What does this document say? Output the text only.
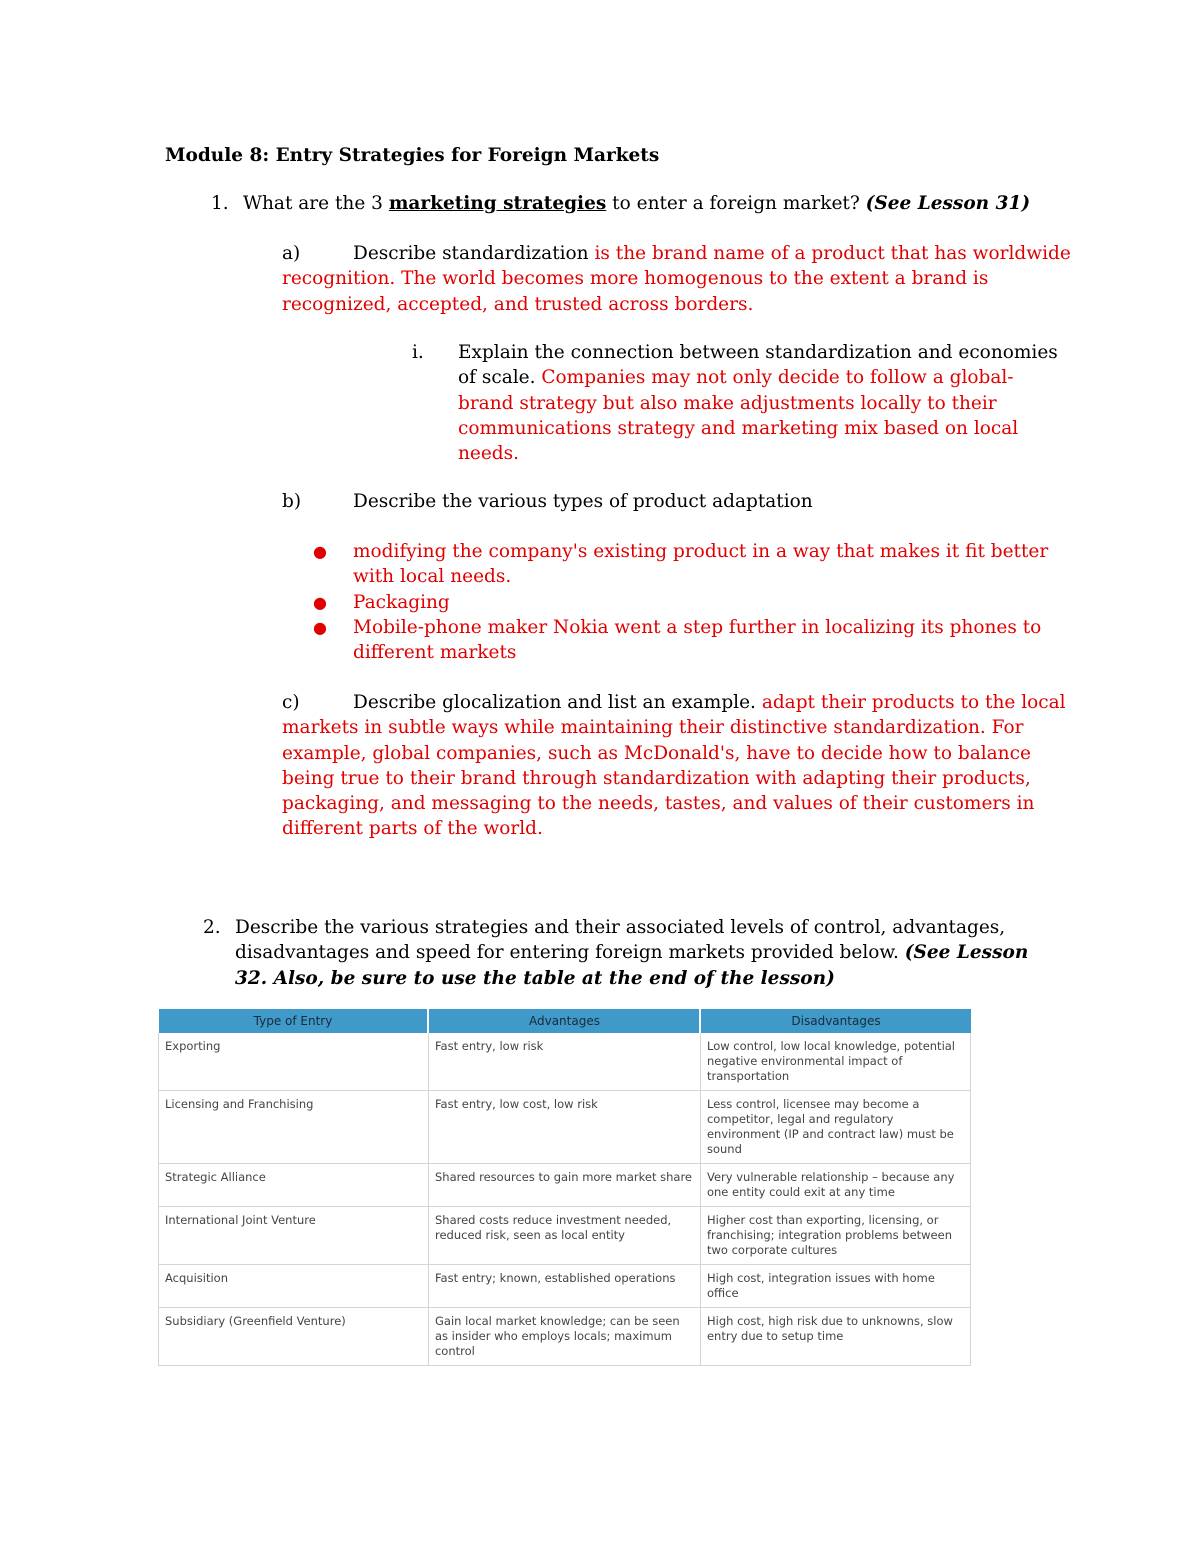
Module 8: Entry Strategies for Foreign Markets
1. What are the 3 marketing strategies to enter a foreign market? (See Lesson 31)

a)	Describe standardization is the brand name of a product that has worldwide recognition. The world becomes more homogenous to the extent a brand is recognized, accepted, and trusted across borders.

i. Explain the connection between standardization and economies of scale. Companies may not only decide to follow a global-brand strategy but also make adjustments locally to their communications strategy and marketing mix based on local needs.

b)	Describe the various types of product adaptation

● modifying the company's existing product in a way that makes it fit better with local needs.
● Packaging
● Mobile-phone maker Nokia went a step further in localizing its phones to different markets

c)	Describe glocalization and list an example. adapt their products to the local markets in subtle ways while maintaining their distinctive standardization. For example, global companies, such as McDonald's, have to decide how to balance being true to their brand through standardization with adapting their products, packaging, and messaging to the needs, tastes, and values of their customers in different parts of the world.

2. Describe the various strategies and their associated levels of control, advantages, disadvantages and speed for entering foreign markets provided below. (See Lesson 32. Also, be sure to use the table at the end of the lesson)
Type of Entry	Advantages	Disadvantages
Exporting	Fast entry, low risk	Low control, low local knowledge, potential negative environmental impact of transportation
Licensing and Franchising	Fast entry, low cost, low risk	Less control, licensee may become a competitor, legal and regulatory environment (IP and contract law) must be sound
Strategic Alliance	Shared resources to gain more market share	Very vulnerable relationship – because any one entity could exit at any time
International Joint Venture	Shared costs reduce investment needed, reduced risk, seen as local entity	Higher cost than exporting, licensing, or franchising; integration problems between two corporate cultures
Acquisition	Fast entry; known, established operations	High cost, integration issues with home office
Subsidiary (Greenfield Venture)	Gain local market knowledge; can be seen as insider who employs locals; maximum control	High cost, high risk due to unknowns, slow entry due to setup time
